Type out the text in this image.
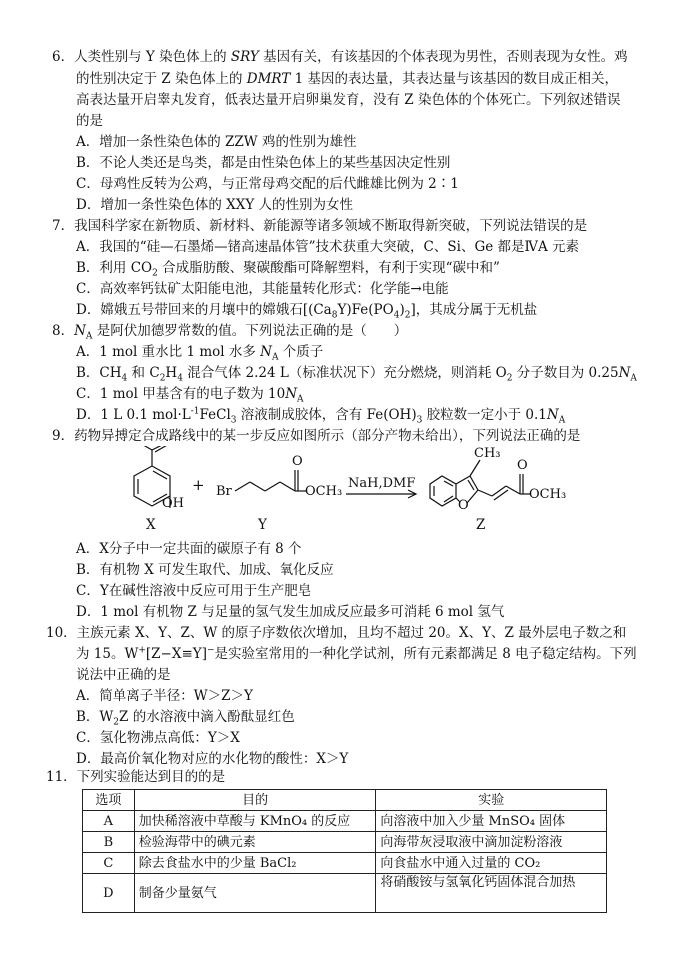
6．人类性别与 Y 染色体上的 SRY 基因有关，有该基因的个体表现为男性，否则表现为女性。鸡
的性别决定于 Z 染色体上的 DMRT 1 基因的表达量，其表达量与该基因的数目成正相关，
高表达量开启睾丸发育，低表达量开启卵巢发育，没有 Z 染色体的个体死亡。下列叙述错误
的是
A．增加一条性染色体的 ZZW 鸡的性别为雄性
B．不论人类还是鸟类，都是由性染色体上的某些基因决定性别
C．母鸡性反转为公鸡，与正常母鸡交配的后代雌雄比例为 2∶1
D．增加一条性染色体的 XXY 人的性别为女性
7．我国科学家在新物质、新材料、新能源等诸多领域不断取得新突破，下列说法错误的是
A．我国的“硅—石墨烯—锗高速晶体管”技术获重大突破，C、Si、Ge 都是ⅣA 元素
B．利用 $CO_2$ 合成脂肪酸、聚碳酸酯可降解塑料，有利于实现“碳中和”
C．高效率钙钛矿太阳能电池，其能量转化形式：化学能→电能
D．嫦娥五号带回来的月壤中的嫦娥石$[(Ca_8Y)Fe(PO_4)_2]$，其成分属于无机盐
8．$N_A$ 是阿伏加德罗常数的值。下列说法正确的是（　　）
A．1 mol 重水比 1 mol 水多 $N_A$ 个质子
B．$CH_4$ 和 $C_2H_4$ 混合气体 2.24 L（标准状况下）充分燃烧，则消耗 $O_2$ 分子数目为 $0.25N_A$
C．1 mol 甲基含有的电子数为 $10N_A$
D．1 L 0.1 $mol\cdot L^{-1}FeCl_3$ 溶液制成胶体，含有 $Fe(OH)_3$ 胶粒数一定小于 $0.1N_A$
9．药物异搏定合成路线中的某一步反应如图所示（部分产物未给出），下列说法正确的是
OH
+ Br
O
OCH₃
NaH,DMF
CH₃
O
O
OCH₃
X	Y	Z
A．X分子中一定共面的碳原子有 8 个
B．有机物 X 可发生取代、加成、氧化反应
C．Y在碱性溶液中反应可用于生产肥皂
D．1 mol 有机物 Z 与足量的氢气发生加成反应最多可消耗 6 mol 氢气
10．主族元素 X、Y、Z、W 的原子序数依次增加，且均不超过 20。X、Y、Z 最外层电子数之和
为 15。W+[Z−X≡Y]−是实验室常用的一种化学试剂，所有元素都满足 8 电子稳定结构。下列
说法中正确的是
A．简单离子半径：W＞Z＞Y
B．$W_2Z$ 的水溶液中滴入酚酞显红色
C．氢化物沸点高低：Y＞X
D．最高价氧化物对应的水化物的酸性：X＞Y
11．下列实验能达到目的的是
选项	目的	实验
A	加快稀溶液中草酸与 KMnO₄ 的反应	向溶液中加入少量 MnSO₄ 固体
B	检验海带中的碘元素	向海带灰浸取液中滴加淀粉溶液
C	除去食盐水中的少量 BaCl₂	向食盐水中通入过量的 CO₂
D	制备少量氨气	将硝酸铵与氢氧化钙固体混合加热
